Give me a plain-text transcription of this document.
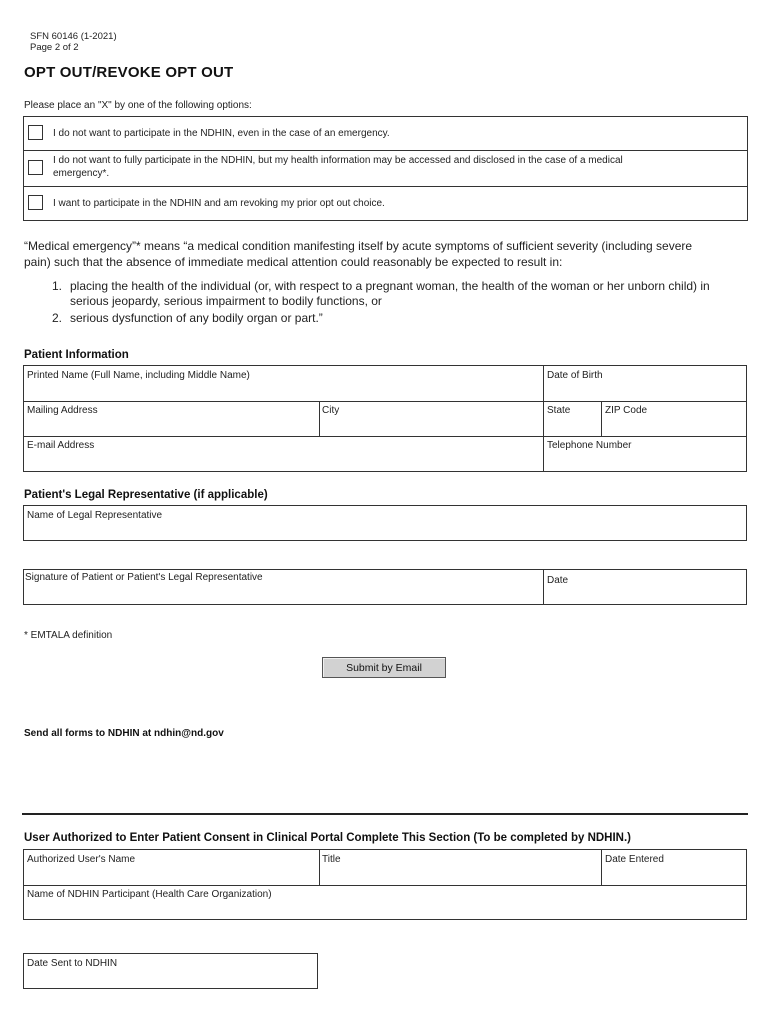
SFN 60146 (1-2021)
Page 2 of 2
OPT OUT/REVOKE OPT OUT
Please place an "X" by one of the following options:
I do not want to participate in the NDHIN, even in the case of an emergency.
I do not want to fully participate in the NDHIN, but my health information may be accessed and disclosed in the case of a medical
emergency*.
I want to participate in the NDHIN and am revoking my prior opt out choice.
“Medical emergency”* means “a medical condition manifesting itself by acute symptoms of sufficient severity (including severe
pain) such that the absence of immediate medical attention could reasonably be expected to result in:
1. placing the health of the individual (or, with respect to a pregnant woman, the health of the woman or her unborn child) in
serious jeopardy, serious impairment to bodily functions, or
2. serious dysfunction of any bodily organ or part.”
Patient Information
Printed Name (Full Name, including Middle Name)	Date of Birth
Mailing Address	City	State	ZIP Code
E-mail Address	Telephone Number
Patient's Legal Representative (if applicable)
Name of Legal Representative
Signature of Patient or Patient's Legal Representative	Date
* EMTALA definition
Submit by Email
Send all forms to NDHIN at ndhin@nd.gov
User Authorized to Enter Patient Consent in Clinical Portal Complete This Section (To be completed by NDHIN.)
Authorized User's Name	Title	Date Entered
Name of NDHIN Participant (Health Care Organization)
Date Sent to NDHIN
